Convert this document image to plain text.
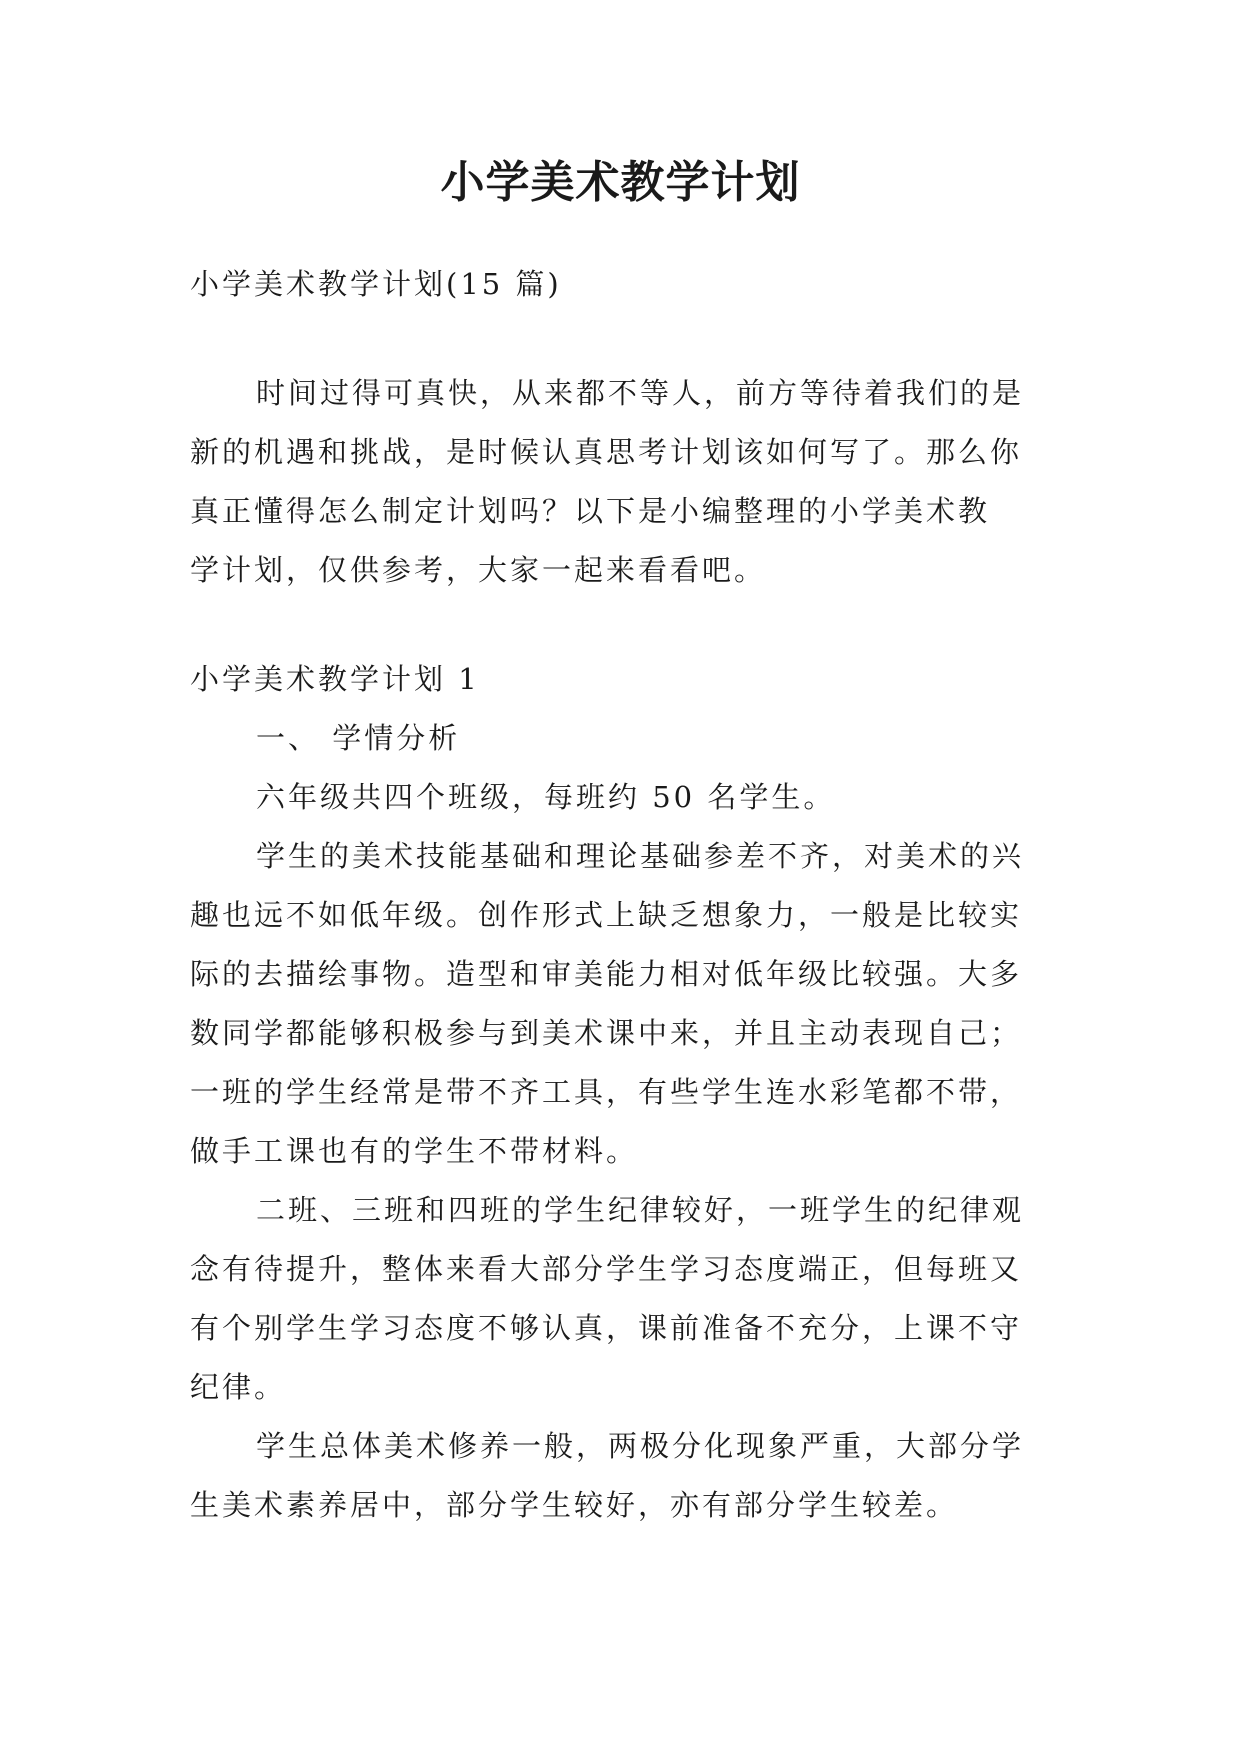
小学美术教学计划

小学美术教学计划(15 篇)

时间过得可真快，从来都不等人，前方等待着我们的是

新的机遇和挑战，是时候认真思考计划该如何写了。那么你

真正懂得怎么制定计划吗？以下是小编整理的小学美术教

学计划，仅供参考，大家一起来看看吧。

小学美术教学计划 1

一、 学情分析

六年级共四个班级，每班约 50 名学生。

学生的美术技能基础和理论基础参差不齐，对美术的兴

趣也远不如低年级。创作形式上缺乏想象力，一般是比较实

际的去描绘事物。造型和审美能力相对低年级比较强。大多

数同学都能够积极参与到美术课中来，并且主动表现自己；

一班的学生经常是带不齐工具，有些学生连水彩笔都不带，

做手工课也有的学生不带材料。

二班、三班和四班的学生纪律较好，一班学生的纪律观

念有待提升，整体来看大部分学生学习态度端正，但每班又

有个别学生学习态度不够认真，课前准备不充分，上课不守

纪律。

学生总体美术修养一般，两极分化现象严重，大部分学

生美术素养居中，部分学生较好，亦有部分学生较差。
